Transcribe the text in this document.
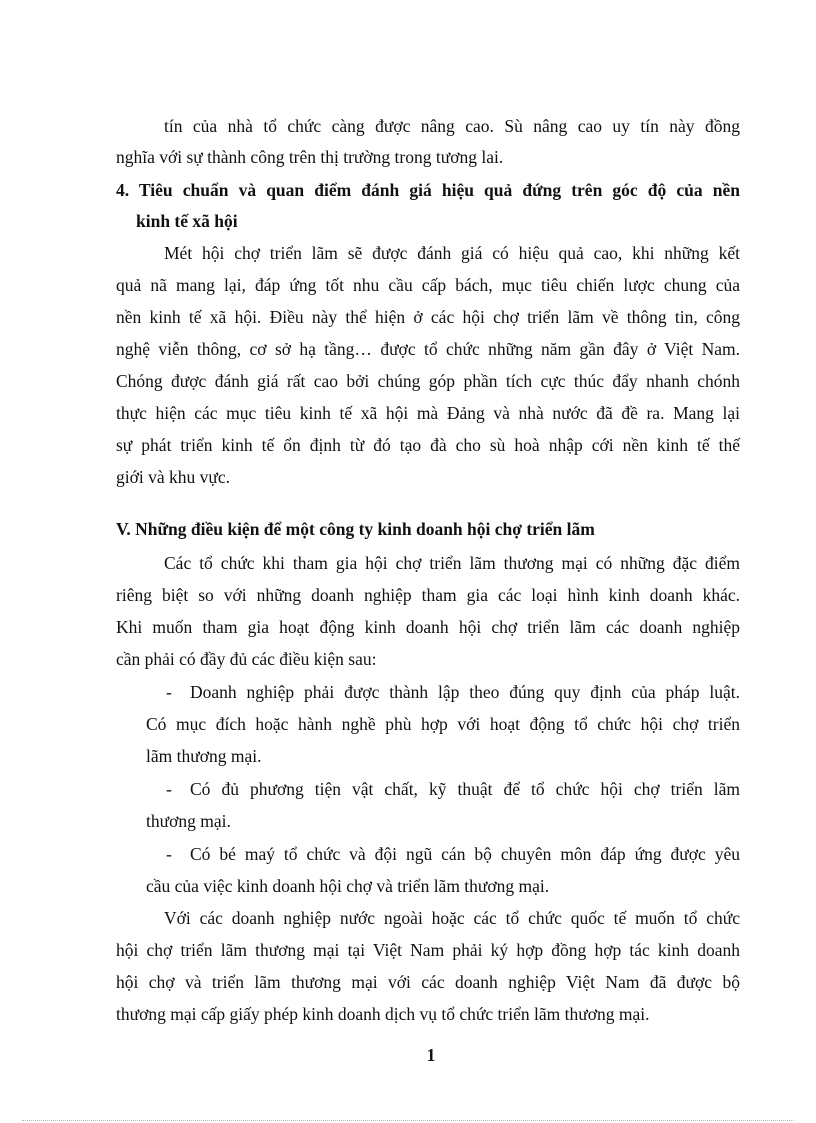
tín của nhà tổ chức càng được nâng cao. Sù nâng cao uy tín này đồng
nghĩa với sự thành công trên thị trường trong tương lai.
4. Tiêu chuẩn và quan điểm đánh giá hiệu quả đứng trên góc độ của nền
kinh tế xã hội
Mét hội chợ triển lãm sẽ được đánh giá có hiệu quả cao, khi những kết
quả nã mang lại, đáp ứng tốt nhu cầu cấp bách, mục tiêu chiến lược chung của
nền kinh tế xã hội. Điều này thể hiện ở các hội chợ triển lãm về thông tin, công
nghệ viễn thông, cơ sở hạ tầng… được tổ chức những năm gần đây ở Việt Nam.
Chóng được đánh giá rất cao bởi chúng góp phần tích cực thúc đẩy nhanh chónh
thực hiện các mục tiêu kinh tế xã hội mà Đảng và nhà nước đã đề ra. Mang lại
sự phát triển kinh tế ổn định từ đó tạo đà cho sù hoà nhập cới nền kinh tế thế
giới và khu vực.
V. Những điều kiện để một công ty kinh doanh hội chợ triển lãm
Các tổ chức khi tham gia hội chợ triển lãm thương mại có những đặc điểm
riêng biệt so với những doanh nghiệp tham gia các loại hình kinh doanh khác.
Khi muốn tham gia hoạt động kinh doanh hội chợ triển lãm các doanh nghiệp
cần phải có đầy đủ các điều kiện sau:
- Doanh nghiệp phải được thành lập theo đúng quy định của pháp luật.
Có mục đích hoặc hành nghề phù hợp với hoạt động tổ chức hội chợ triển
lãm thương mại.
- Có đủ phương tiện vật chất, kỹ thuật để tổ chức hội chợ triển lãm
thương mại.
- Có bé maý tổ chức và đội ngũ cán bộ chuyên môn đáp ứng được yêu
cầu của việc kinh doanh hội chợ và triển lãm thương mại.
Với các doanh nghiệp nước ngoài hoặc các tổ chức quốc tế muốn tổ chức
hội chợ triển lãm thương mại tại Việt Nam phải ký hợp đồng hợp tác kinh doanh
hội chợ và triển lãm thương mại với các doanh nghiệp Việt Nam đã được bộ
thương mại cấp giấy phép kinh doanh dịch vụ tổ chức triển lãm thương mại.
1
